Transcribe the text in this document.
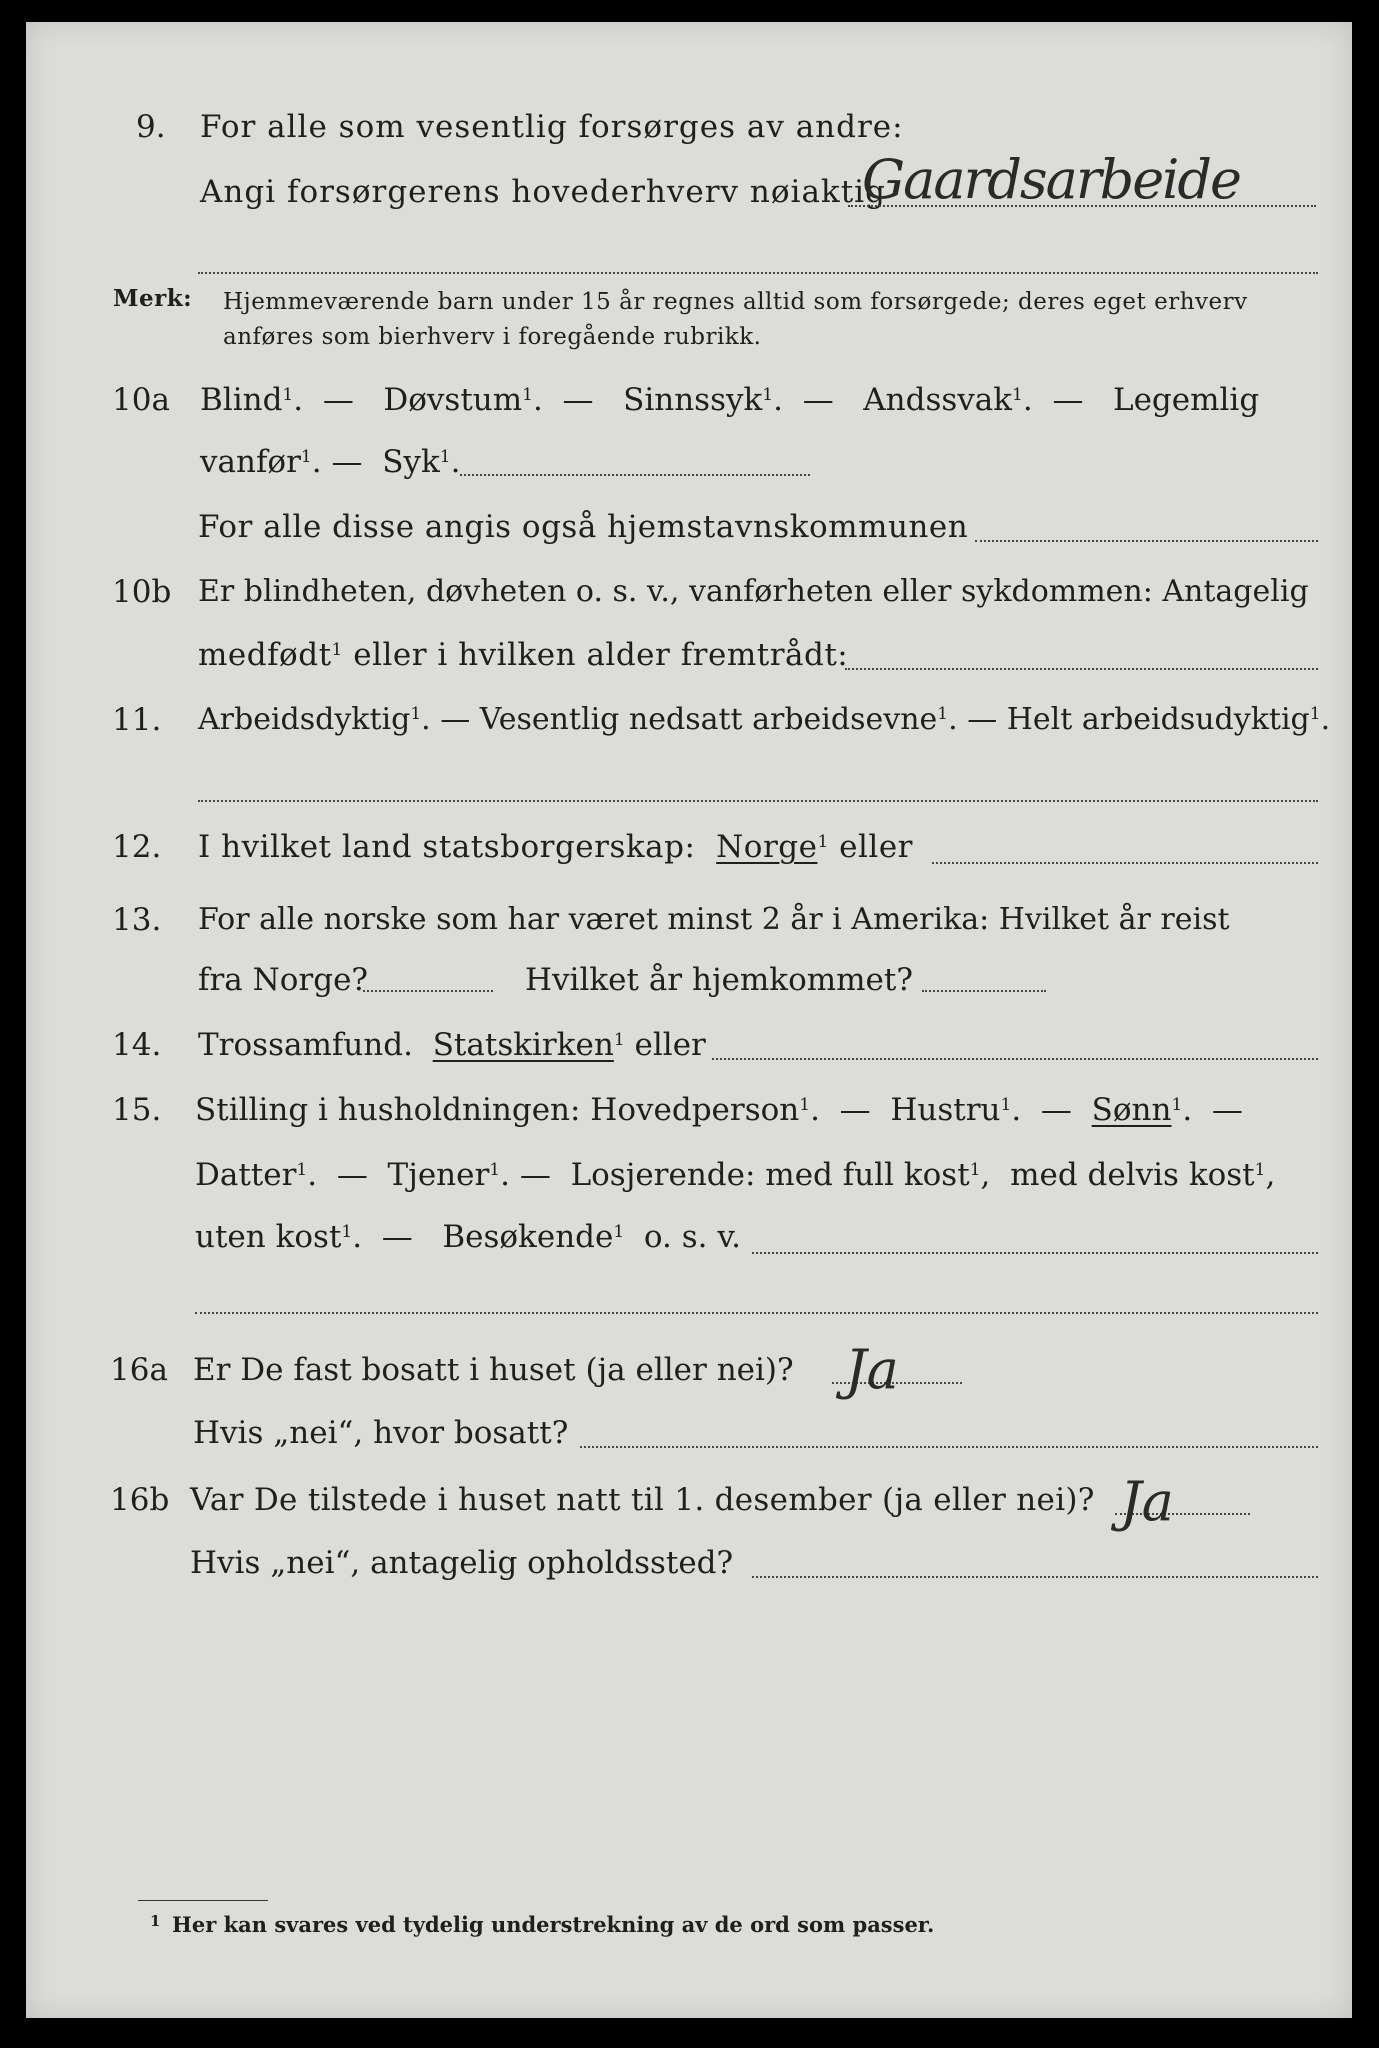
9. For alle som vesentlig forsørges av andre:
Angi forsørgerens hovederhverv nøiaktig
Gaardsarbeide
Merk: Hjemmeværende barn under 15 år regnes alltid som forsørgede; deres eget erhverv
anføres som bierhverv i foregående rubrikk.
10a Blind$^1$.  — Døvstum$^1$.  — Sinnssyk$^1$.  — Andssvak$^1$.  — Legemlig
vanfør$^1$. — Syk$^1$.
For alle disse angis også hjemstavnskommunen
10b Er blindheten, døvheten o. s. v., vanførheten eller sykdommen: Antagelig
medfødt$^1$ eller i hvilken alder fremtrådt:
11. Arbeidsdyktig$^1$. — Vesentlig nedsatt arbeidsevne$^1$. — Helt arbeidsudyktig$^1$.
12. I hvilket land statsborgerskap: Norge$^1$ eller
13. For alle norske som har været minst 2 år i Amerika: Hvilket år reist
fra Norge?	Hvilket år hjemkommet?
14. Trossamfund. Statskirken$^1$ eller
15. Stilling i husholdningen: Hovedperson$^1$.  — Hustru$^1$.  — Sønn$^1$.  —
Datter$^1$.  — Tjener$^1$. — Losjerende: med full kost$^1$,  med delvis kost$^1$,
uten kost$^1$.  — Besøkende$^1$ o. s. v.
16a Er De fast bosatt i huset (ja eller nei)? Ja
Hvis „nei“, hvor bosatt?
16b Var De tilstede i huset natt til 1. desember (ja eller nei)? Ja
Hvis „nei“, antagelig opholdssted?
1 Her kan svares ved tydelig understrekning av de ord som passer.
